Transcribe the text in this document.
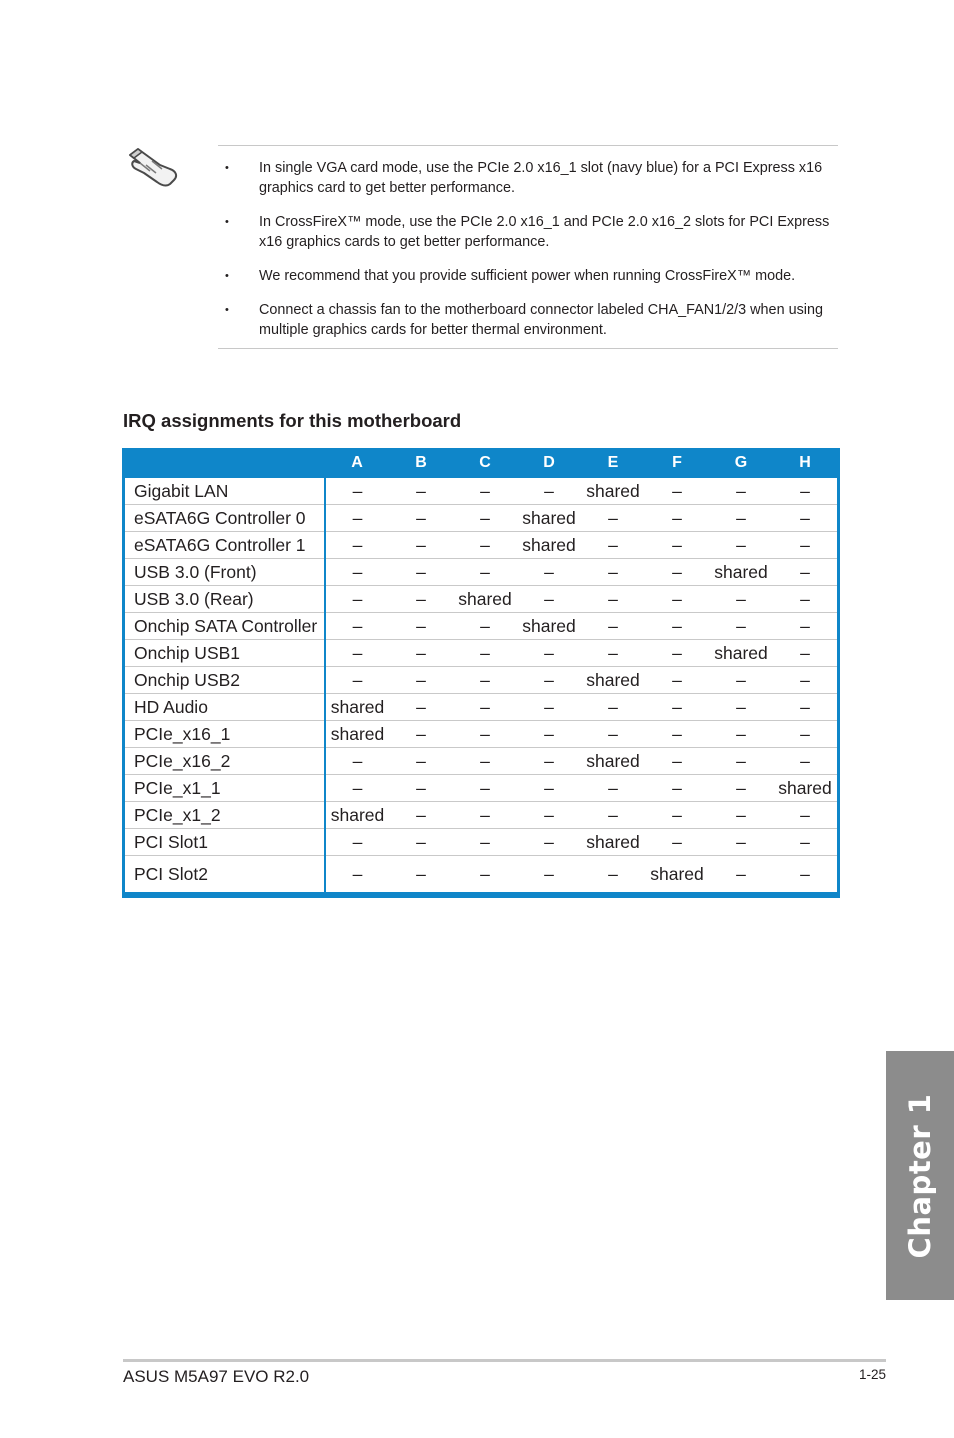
• In single VGA card mode, use the PCIe 2.0 x16_1 slot (navy blue) for a PCI Express x16 graphics card to get better performance.
• In CrossFireX™ mode, use the PCIe 2.0 x16_1 and PCIe 2.0 x16_2 slots for PCI Express x16 graphics cards to get better performance.
• We recommend that you provide sufficient power when running CrossFireX™ mode.
• Connect a chassis fan to the motherboard connector labeled CHA_FAN1/2/3 when using multiple graphics cards for better thermal environment.
IRQ assignments for this motherboard
	A	B	C	D	E	F	G	H
Gigabit LAN	–	–	–	–	shared	–	–	–
eSATA6G Controller 0	–	–	–	shared	–	–	–	–
eSATA6G Controller 1	–	–	–	shared	–	–	–	–
USB 3.0 (Front)	–	–	–	–	–	–	shared	–
USB 3.0 (Rear)	–	–	shared	–	–	–	–	–
Onchip SATA Controller	–	–	–	shared	–	–	–	–
Onchip USB1	–	–	–	–	–	–	shared	–
Onchip USB2	–	–	–	–	shared	–	–	–
HD Audio	shared	–	–	–	–	–	–	–
PCIe_x16_1	shared	–	–	–	–	–	–	–
PCIe_x16_2	–	–	–	–	shared	–	–	–
PCIe_x1_1	–	–	–	–	–	–	–	shared
PCIe_x1_2	shared	–	–	–	–	–	–	–
PCI Slot1	–	–	–	–	shared	–	–	–
PCI Slot2	–	–	–	–	–	shared	–	–
Chapter 1
ASUS M5A97 EVO R2.0	1-25
